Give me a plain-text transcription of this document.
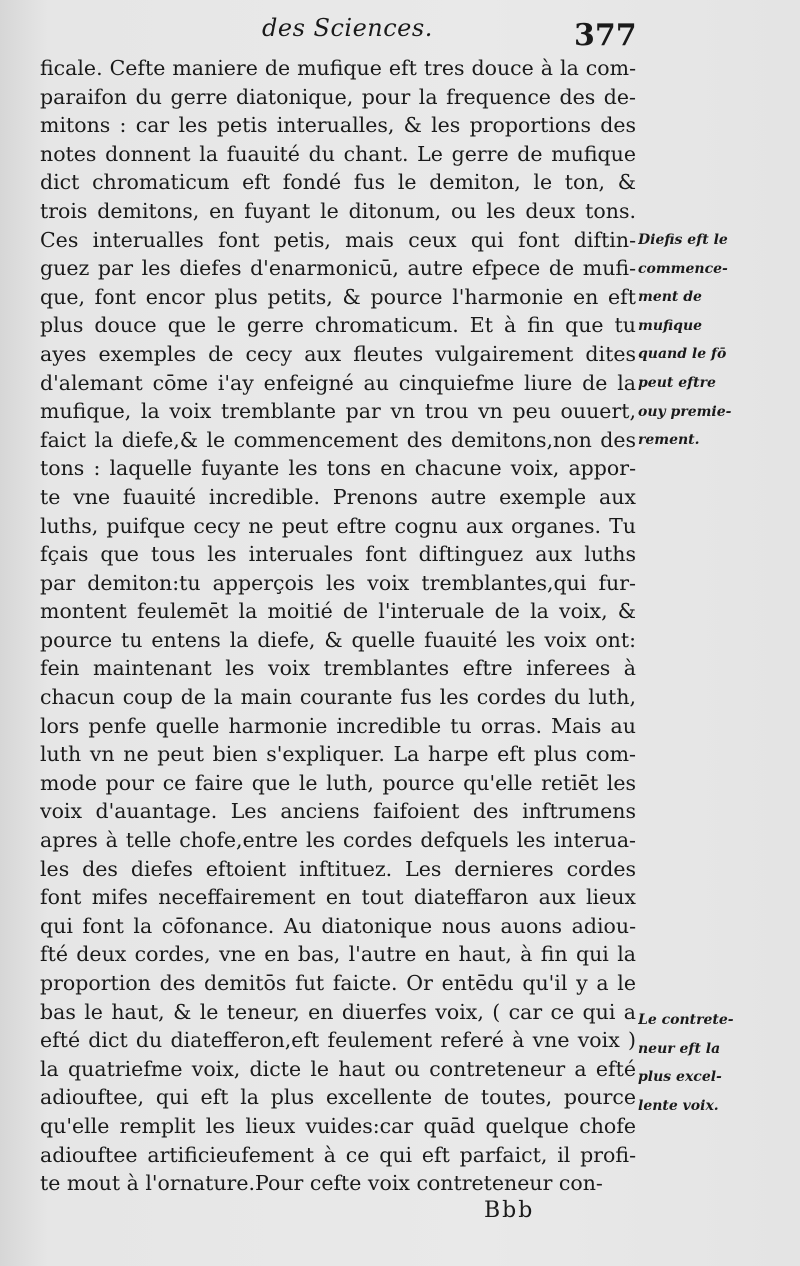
des Sciences.	377
ficale. Cefte maniere de mufique eft tres douce à la com-
paraifon du gerre diatonique, pour la frequence des de-
mitons : car les petis interualles, & les proportions des
notes donnent la fuauité du chant. Le gerre de mufique
dict chromaticum eft fondé fus le demiton, le ton, &
trois demitons, en fuyant le ditonum, ou les deux tons.
Ces interualles font petis, mais ceux qui font diftin-
guez par les diefes d'enarmonicū, autre efpece de mufi-
que, font encor plus petits, & pource l'harmonie en eft
plus douce que le gerre chromaticum. Et à fin que tu
ayes exemples de cecy aux fleutes vulgairement dites
d'alemant cōme i'ay enfeigné au cinquiefme liure de la
mufique, la voix tremblante par vn trou vn peu ouuert,
faict la diefe,& le commencement des demitons,non des
tons : laquelle fuyante les tons en chacune voix, appor-
te vne fuauité incredible. Prenons autre exemple aux
luths, puifque cecy ne peut eftre cognu aux organes. Tu
fçais que tous les interuales font diftinguez aux luths
par demiton:tu apperçois les voix tremblantes,qui fur-
montent feulemēt la moitié de l'interuale de la voix, &
pource tu entens la diefe, & quelle fuauité les voix ont:
fein maintenant les voix tremblantes eftre inferees à
chacun coup de la main courante fus les cordes du luth,
lors penfe quelle harmonie incredible tu orras. Mais au
luth vn ne peut bien s'expliquer. La harpe eft plus com-
mode pour ce faire que le luth, pource qu'elle retiēt les
voix d'auantage. Les anciens faifoient des inftrumens
apres à telle chofe,entre les cordes defquels les interua-
les des diefes eftoient inftituez. Les dernieres cordes
font mifes neceffairement en tout diateffaron aux lieux
qui font la cōfonance. Au diatonique nous auons adiou-
fté deux cordes, vne en bas, l'autre en haut, à fin qui la
proportion des demitōs fut faicte. Or entēdu qu'il y a le
bas le haut, & le teneur, en diuerfes voix, ( car ce qui a
efté dict du diatefferon,eft feulement referé à vne voix )
la quatriefme voix, dicte le haut ou contreteneur a efté
adiouftee, qui eft la plus excellente de toutes, pource
qu'elle remplit les lieux vuides:car quād quelque chofe
adiouftee artificieufement à ce qui eft parfaict, il profi-
te mout à l'ornature.Pour cefte voix contreteneur con-
Diefis eft le
commence-
ment de
mufique
quand le fō
peut eftre
ouy premie-
rement.
Le contrete-
neur eft la
plus excel-
lente voix.
Bbb
